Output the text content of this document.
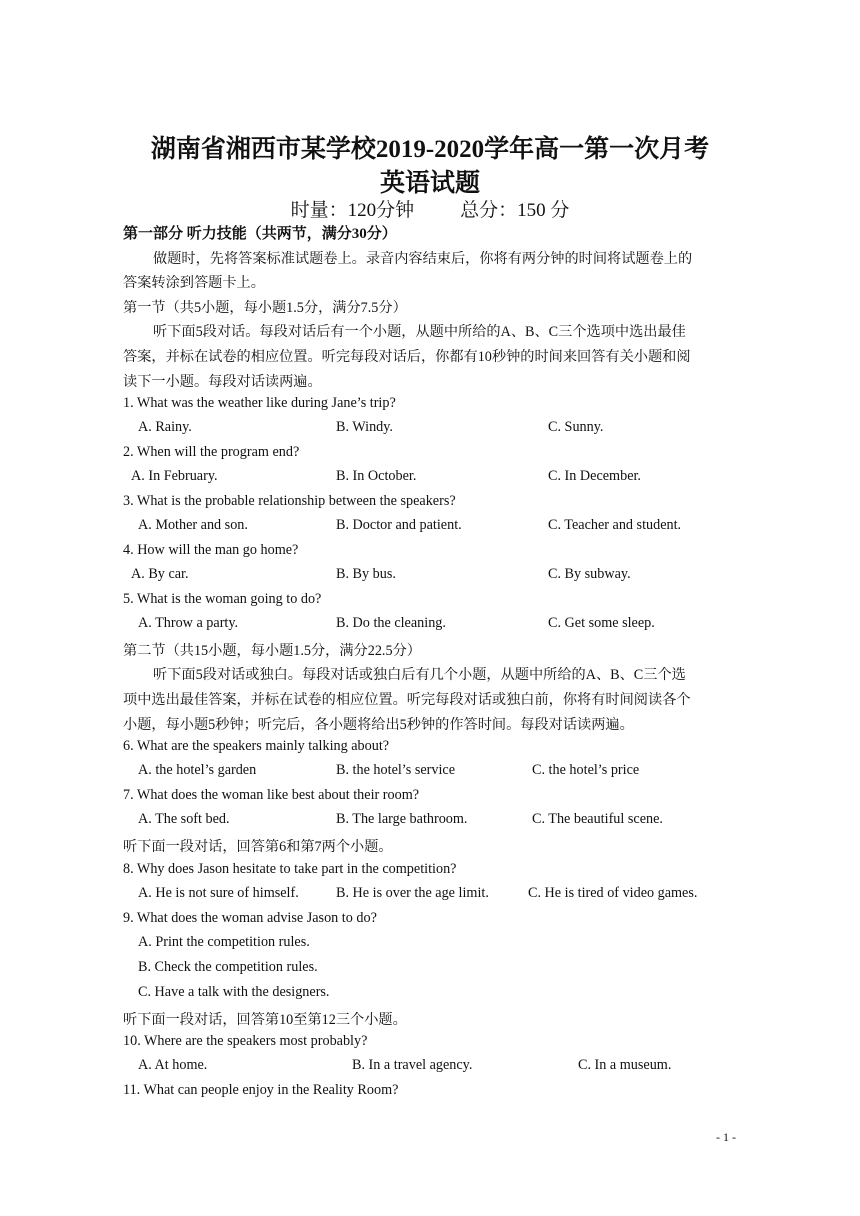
湖南省湘西市某学校2019-2020学年高一第一次月考
英语试题
时量：120分钟 总分：150 分
第一部分 听力技能（共两节，满分30分）
做题时，先将答案标准试题卷上。录音内容结束后，你将有两分钟的时间将试题卷上的
答案转涂到答题卡上。
第一节（共5小题，每小题1.5分，满分7.5分）
听下面5段对话。每段对话后有一个小题，从题中所给的A、B、C三个选项中选出最佳
答案，并标在试卷的相应位置。听完每段对话后，你都有10秒钟的时间来回答有关小题和阅
读下一小题。每段对话读两遍。
1. What was the weather like during Jane’s trip?
A. Rainy.	B. Windy.	C. Sunny.
2. When will the program end?
A. In February.	B. In October.	C. In December.
3. What is the probable relationship between the speakers?
A. Mother and son.	B. Doctor and patient.	C. Teacher and student.
4. How will the man go home?
A. By car.	B. By bus.	C. By subway.
5. What is the woman going to do?
A. Throw a party.	B. Do the cleaning.	C. Get some sleep.
第二节（共15小题，每小题1.5分，满分22.5分）
听下面5段对话或独白。每段对话或独白后有几个小题，从题中所给的A、B、C三个选
项中选出最佳答案，并标在试卷的相应位置。听完每段对话或独白前，你将有时间阅读各个
小题，每小题5秒钟；听完后，各小题将给出5秒钟的作答时间。每段对话读两遍。
6. What are the speakers mainly talking about?
A. the hotel’s garden	B. the hotel’s service	C. the hotel’s price
7. What does the woman like best about their room?
A. The soft bed.	B. The large bathroom.	C. The beautiful scene.
听下面一段对话，回答第6和第7两个小题。
8. Why does Jason hesitate to take part in the competition?
A. He is not sure of himself.	B. He is over the age limit.	C. He is tired of video games.
9. What does the woman advise Jason to do?
A. Print the competition rules.
B. Check the competition rules.
C. Have a talk with the designers.
听下面一段对话，回答第10至第12三个小题。
10. Where are the speakers most probably?
A. At home.	B. In a travel agency.	C. In a museum.
11. What can people enjoy in the Reality Room?
- 1 -
